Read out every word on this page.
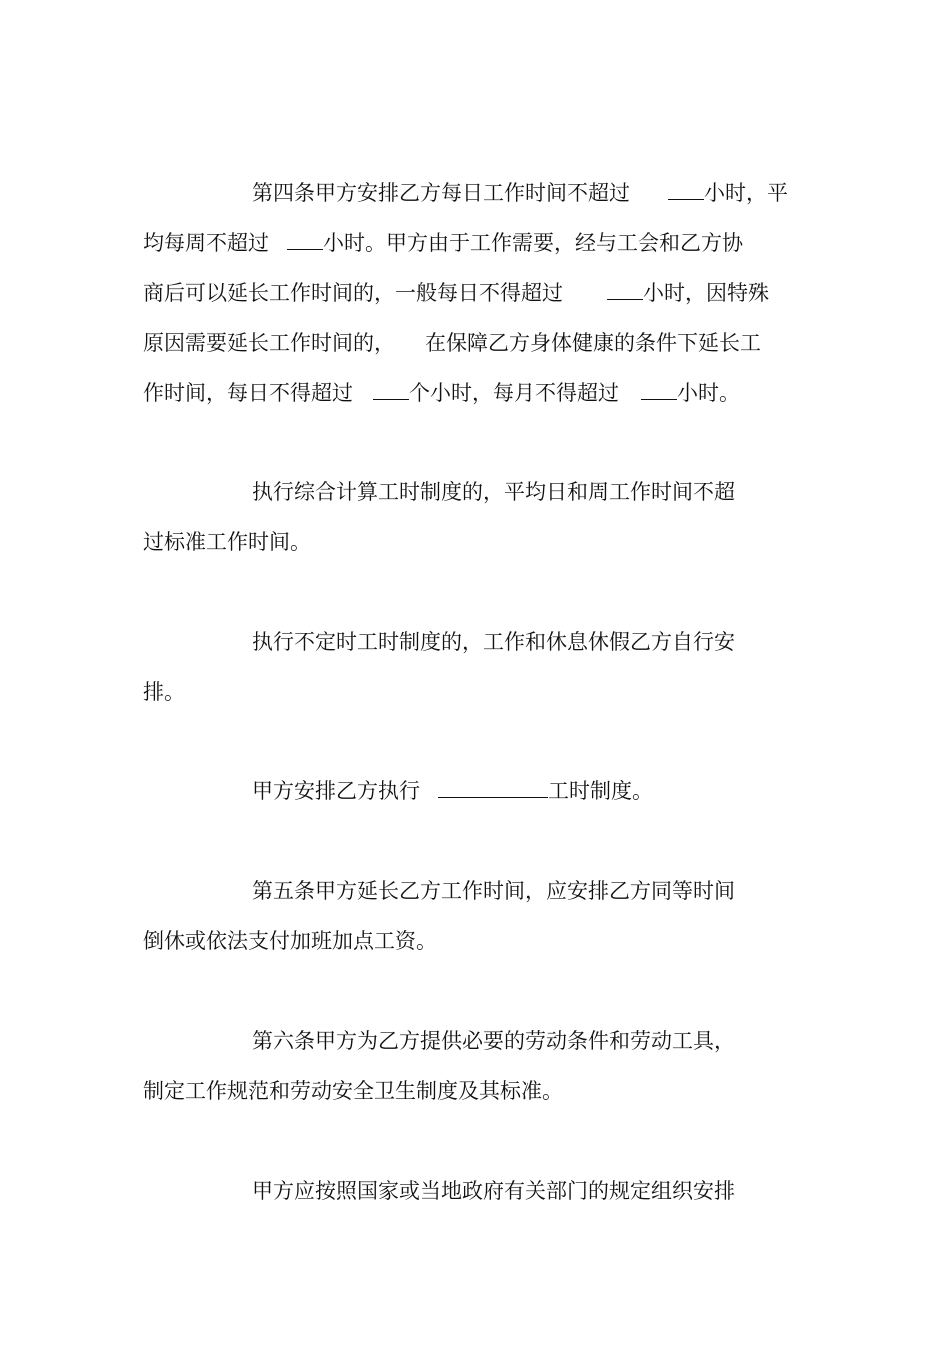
第四条甲方安排乙方每日工作时间不超过	小时，平
均每周不超过	小时。甲方由于工作需要，经与工会和乙方协
商后可以延长工作时间的，一般每日不得超过	小时，因特殊
原因需要延长工作时间的， 在保障乙方身体健康的条件下延长工
作时间，每日不得超过	个小时，每月不得超过	小时。
执行综合计算工时制度的，平均日和周工作时间不超
过标准工作时间。
执行不定时工时制度的，工作和休息休假乙方自行安
排。
甲方安排乙方执行	工时制度。
第五条甲方延长乙方工作时间，应安排乙方同等时间
倒休或依法支付加班加点工资。
第六条甲方为乙方提供必要的劳动条件和劳动工具，
制定工作规范和劳动安全卫生制度及其标准。
甲方应按照国家或当地政府有关部门的规定组织安排
